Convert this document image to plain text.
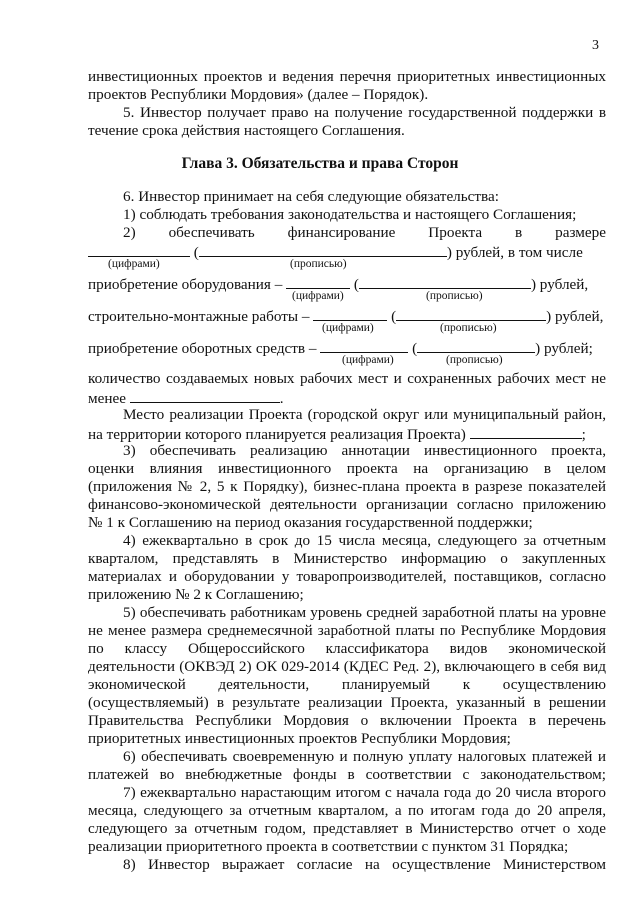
3
инвестиционных проектов и ведения перечня приоритетных инвестиционных
проектов Республики Мордовия» (далее – Порядок).
5. Инвестор получает право на получение государственной поддержки в
течение срока действия настоящего Соглашения.
Глава 3. Обязательства и права Сторон
6. Инвестор принимает на себя следующие обязательства:
1) соблюдать требования законодательства и настоящего Соглашения;
2) обеспечивать финансирование Проекта в размере
(	) рублей, в том числе
(цифрами)	(прописью)
приобретение оборудования –	(	) рублей,
(цифрами)	(прописью)
строительно-монтажные работы –	(	) рублей,
(цифрами)	(прописью)
приобретение оборотных средств –	(	) рублей;
(цифрами)	(прописью)
количество создаваемых новых рабочих мест и сохраненных рабочих мест не
менее	.
Место реализации Проекта (городской округ или муниципальный район,
на территории которого планируется реализация Проекта)	;
3) обеспечивать реализацию аннотации инвестиционного проекта,
оценки влияния инвестиционного проекта на организацию в целом
(приложения № 2, 5 к Порядку), бизнес-плана проекта в разрезе показателей
финансово-экономической деятельности организации согласно приложению
№ 1 к Соглашению на период оказания государственной поддержки;
4) ежеквартально в срок до 15 числа месяца, следующего за отчетным
кварталом, представлять в Министерство информацию о закупленных
материалах и оборудовании у товаропроизводителей, поставщиков, согласно
приложению № 2 к Соглашению;
5) обеспечивать работникам уровень средней заработной платы на уровне
не менее размера среднемесячной заработной платы по Республике Мордовия
по классу Общероссийского классификатора видов экономической
деятельности (ОКВЭД 2) ОК 029-2014 (КДЕС Ред. 2), включающего в себя вид
экономической деятельности, планируемый к осуществлению
(осуществляемый) в результате реализации Проекта, указанный в решении
Правительства Республики Мордовия о включении Проекта в перечень
приоритетных инвестиционных проектов Республики Мордовия;
6) обеспечивать своевременную и полную уплату налоговых платежей и
платежей во внебюджетные фонды в соответствии с законодательством;
7) ежеквартально нарастающим итогом с начала года до 20 числа второго
месяца, следующего за отчетным кварталом, а по итогам года до 20 апреля,
следующего за отчетным годом, представляет в Министерство отчет о ходе
реализации приоритетного проекта в соответствии с пунктом 31 Порядка;
8) Инвестор выражает согласие на осуществление Министерством
